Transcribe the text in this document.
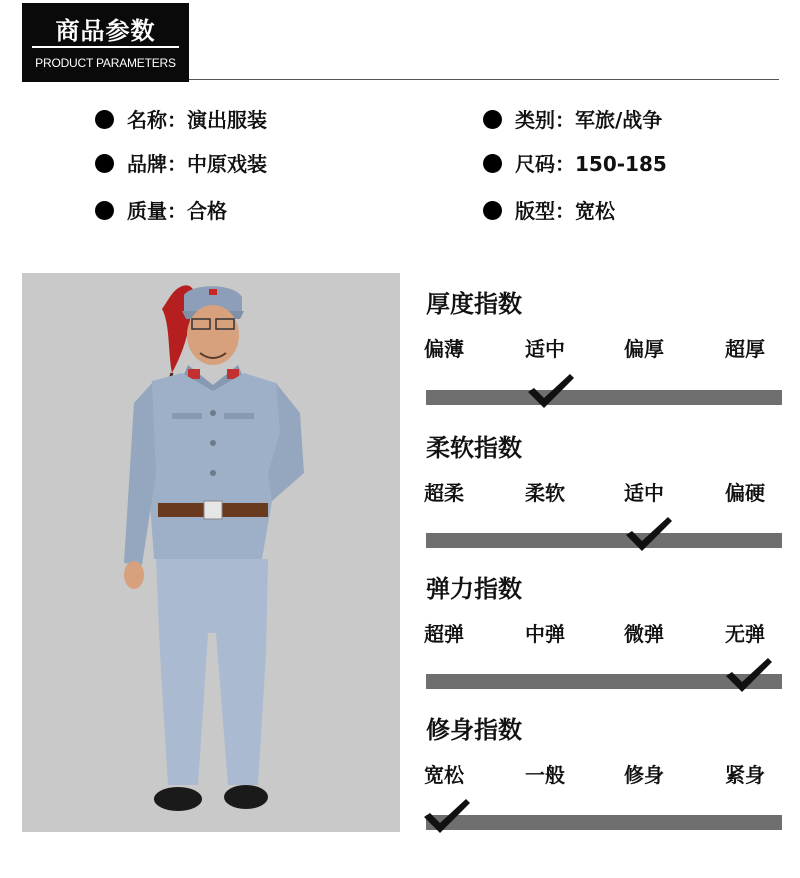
商品参数
PRODUCT PARAMETERS
名称：演出服装	类别：军旅/战争
品牌：中原戏装	尺码：150-185
质量：合格	版型：宽松
厚度指数
偏薄	适中	偏厚	超厚
柔软指数
超柔	柔软	适中	偏硬
弹力指数
超弹	中弹	微弹	无弹
修身指数
宽松	一般	修身	紧身
